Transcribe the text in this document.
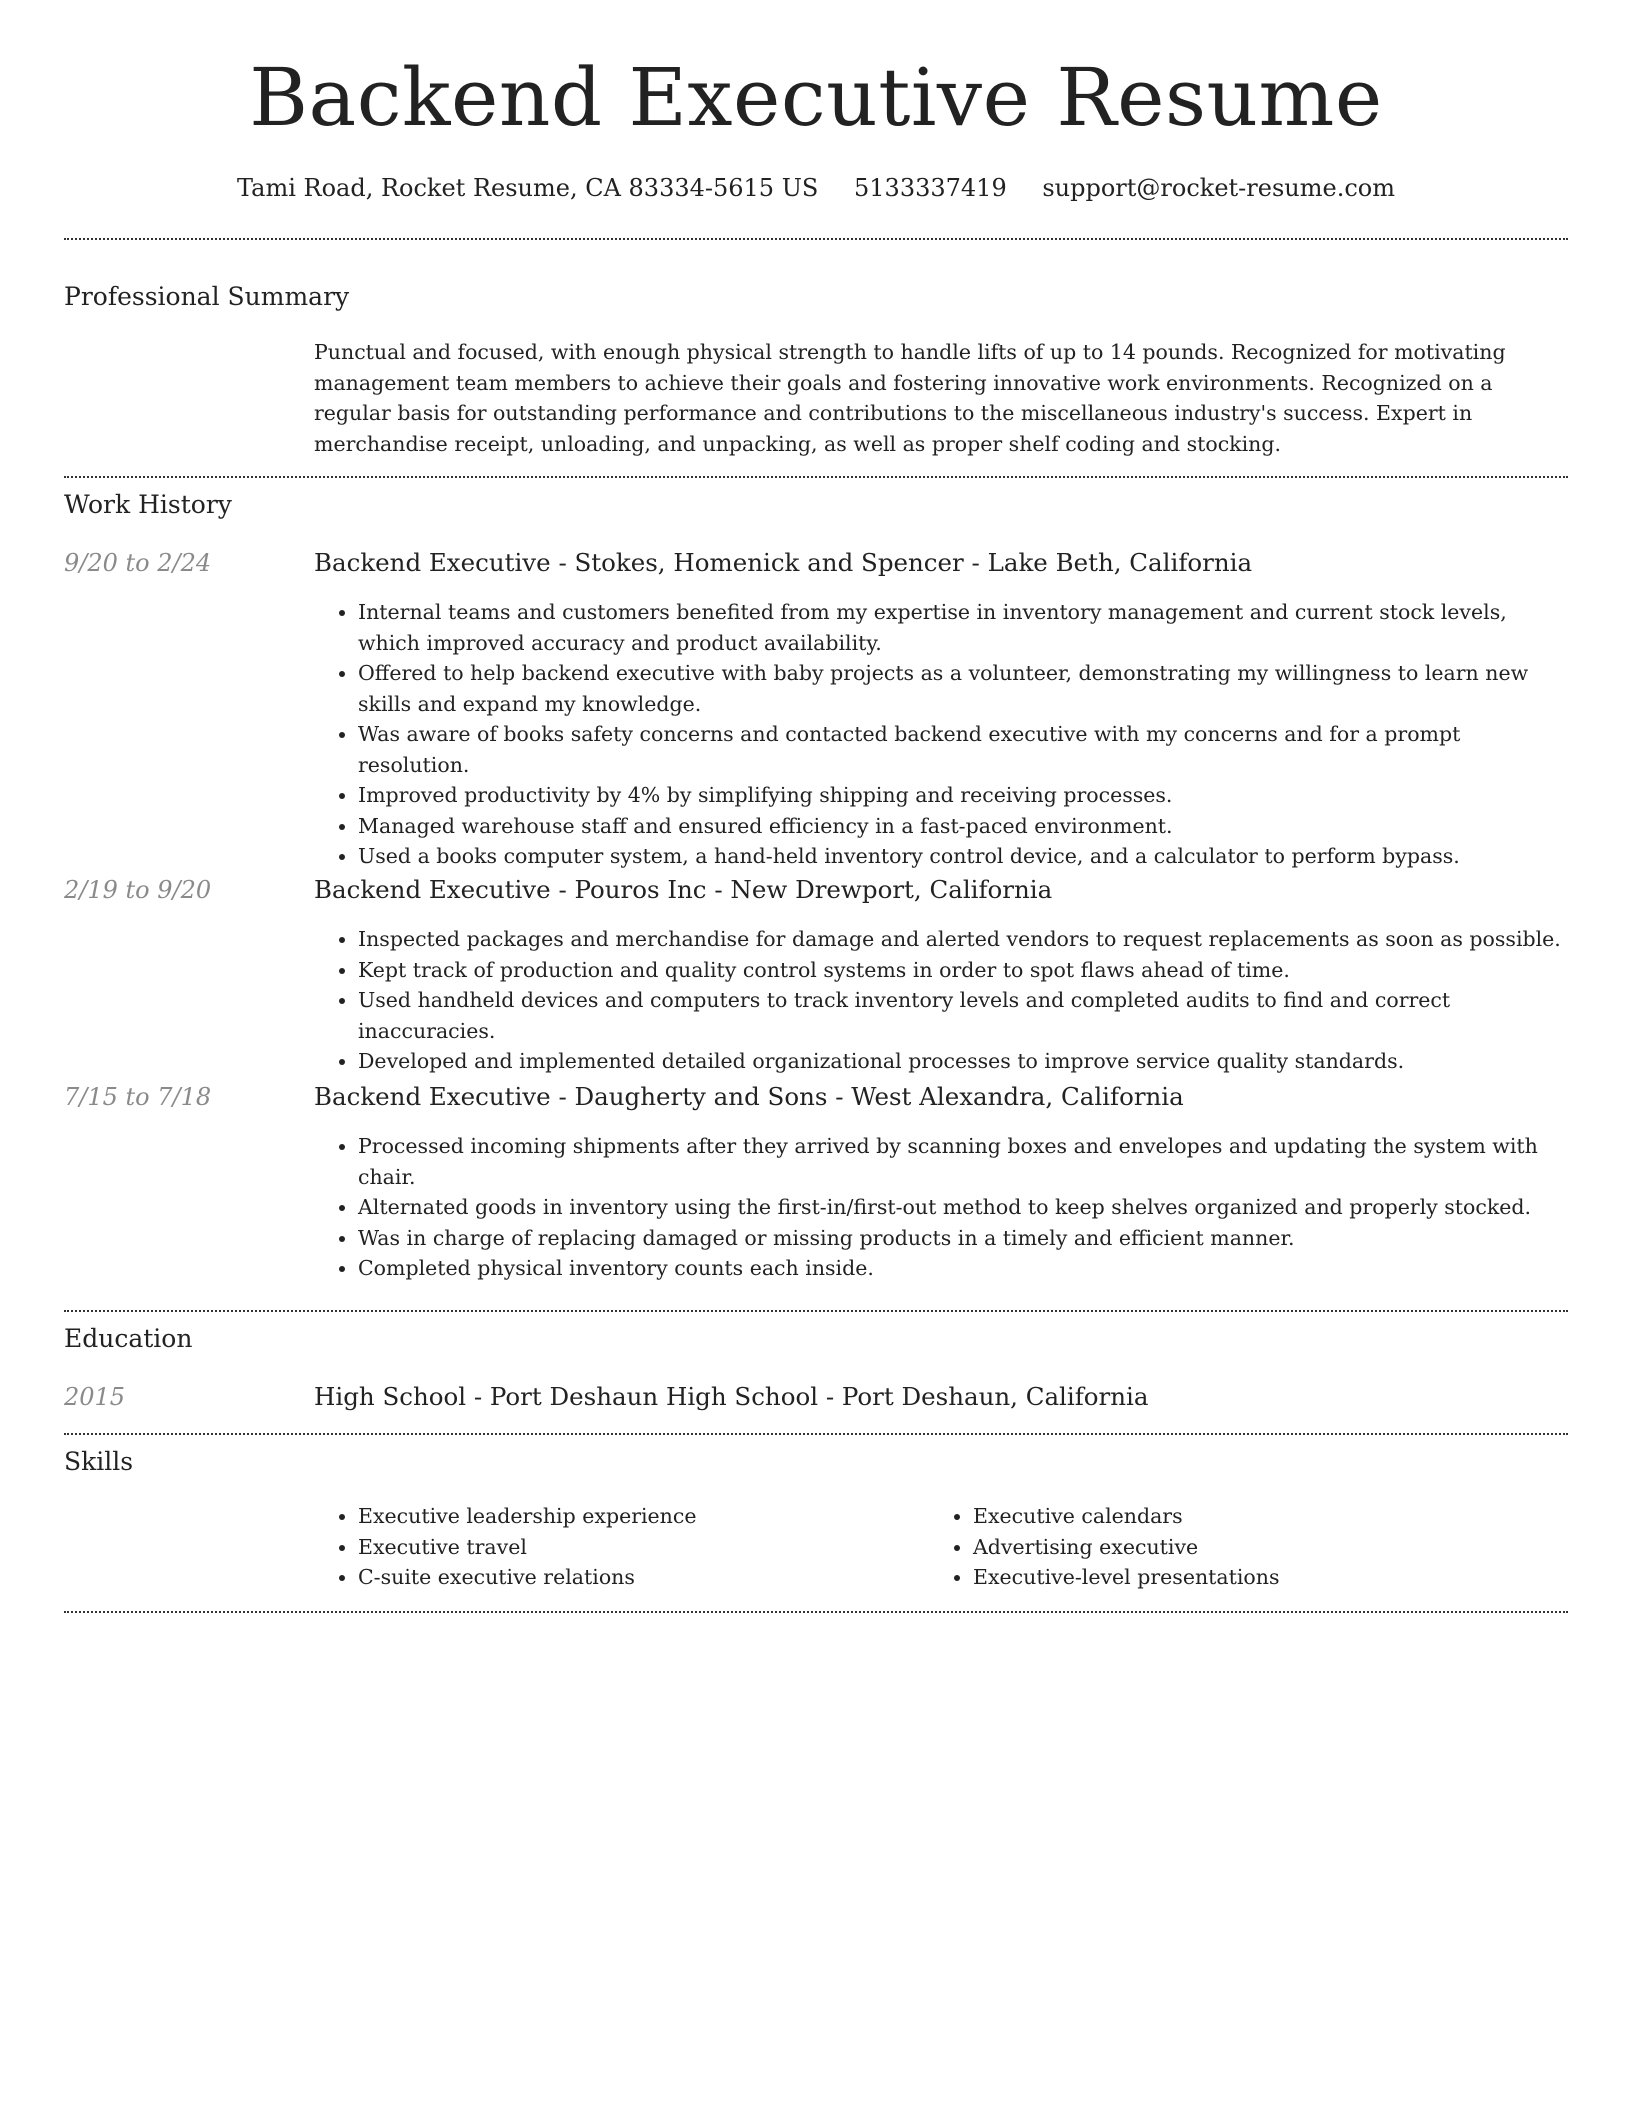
Backend Executive Resume
Tami Road, Rocket Resume, CA 83334-5615 US 5133337419 support@rocket-resume.com
Professional Summary
Punctual and focused, with enough physical strength to handle lifts of up to 14 pounds. Recognized for motivating management team members to achieve their goals and fostering innovative work environments. Recognized on a regular basis for outstanding performance and contributions to the miscellaneous industry's success. Expert in merchandise receipt, unloading, and unpacking, as well as proper shelf coding and stocking.
Work History
9/20 to 2/24	Backend Executive - Stokes, Homenick and Spencer - Lake Beth, California
• Internal teams and customers benefited from my expertise in inventory management and current stock levels, which improved accuracy and product availability.
• Offered to help backend executive with baby projects as a volunteer, demonstrating my willingness to learn new skills and expand my knowledge.
• Was aware of books safety concerns and contacted backend executive with my concerns and for a prompt resolution.
• Improved productivity by 4% by simplifying shipping and receiving processes.
• Managed warehouse staff and ensured efficiency in a fast-paced environment.
• Used a books computer system, a hand-held inventory control device, and a calculator to perform bypass.
2/19 to 9/20	Backend Executive - Pouros Inc - New Drewport, California
• Inspected packages and merchandise for damage and alerted vendors to request replacements as soon as possible.
• Kept track of production and quality control systems in order to spot flaws ahead of time.
• Used handheld devices and computers to track inventory levels and completed audits to find and correct inaccuracies.
• Developed and implemented detailed organizational processes to improve service quality standards.
7/15 to 7/18	Backend Executive - Daugherty and Sons - West Alexandra, California
• Processed incoming shipments after they arrived by scanning boxes and envelopes and updating the system with chair.
• Alternated goods in inventory using the first-in/first-out method to keep shelves organized and properly stocked.
• Was in charge of replacing damaged or missing products in a timely and efficient manner.
• Completed physical inventory counts each inside.
Education
2015	High School - Port Deshaun High School - Port Deshaun, California
Skills
• Executive leadership experience
• Executive travel
• C-suite executive relations
• Executive calendars
• Advertising executive
• Executive-level presentations
